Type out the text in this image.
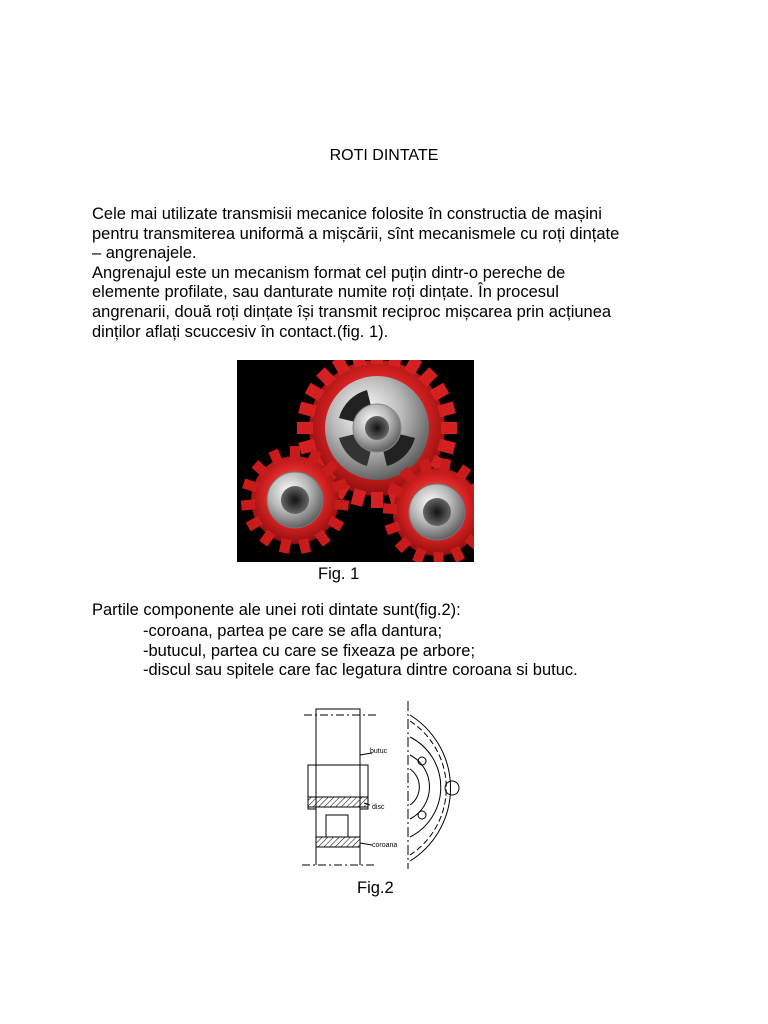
ROTI DINTATE
Cele mai utilizate transmisii mecanice folosite în constructia de mașini
pentru transmiterea uniformă a mișcării, sînt mecanismele cu roți dințate
– angrenajele.
Angrenajul este un mecanism format cel puțin dintr-o pereche de
elemente profilate, sau danturate numite roți dințate. În procesul
angrenarii, două roți dințate își transmit reciproc mișcarea prin acțiunea
dinților aflați scuccesiv în contact.(fig. 1).
Fig. 1
Partile componente ale unei roti dintate sunt(fig.2):
-coroana, partea pe care se afla dantura;
-butucul, partea cu care se fixeaza pe arbore;
-discul sau spitele care fac legatura dintre coroana si butuc.
butuc
disc
coroana
Fig.2
